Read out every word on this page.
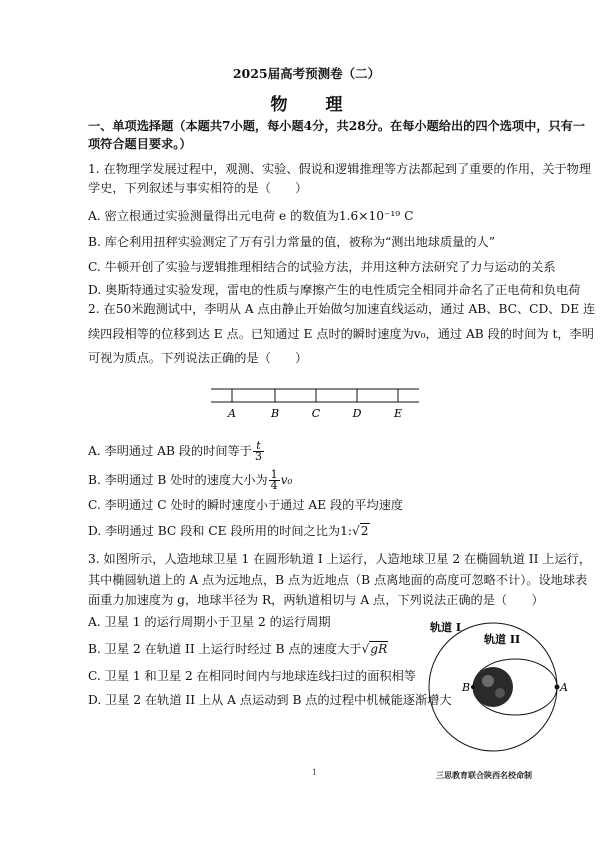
2025届高考预测卷（二）
物 理
一、单项选择题（本题共7小题，每小题4分，共28分。在每小题给出的四个选项中，只有一
项符合题目要求。）
1. 在物理学发展过程中，观测、实验、假说和逻辑推理等方法都起到了重要的作用，关于物理
学史，下列叙述与事实相符的是（　　）
A. 密立根通过实验测量得出元电荷 e 的数值为1.6×10⁻¹⁹ C
B. 库仑利用扭秤实验测定了万有引力常量的值，被称为“测出地球质量的人”
C. 牛顿开创了实验与逻辑推理相结合的试验方法，并用这种方法研究了力与运动的关系
D. 奥斯特通过实验发现，雷电的性质与摩擦产生的电性质完全相同并命名了正电荷和负电荷
2. 在50米跑测试中，李明从 A 点由静止开始做匀加速直线运动，通过 AB、BC、CD、DE 连
续四段相等的位移到达 E 点。已知通过 E 点时的瞬时速度为v₀，通过 AB 段的时间为 t，李明
可视为质点。下列说法正确的是（　　）
A	B	C	D	E
A. 李明通过 AB 段的时间等于 $\frac{t}{3}$
B. 李明通过 B 处时的速度大小为 $\frac{1}{4} v_0$
C. 李明通过 C 处时的瞬时速度小于通过 AE 段的平均速度
D. 李明通过 BC 段和 CE 段所用的时间之比为1:√2
3. 如图所示，人造地球卫星 1 在圆形轨道 I 上运行，人造地球卫星 2 在椭圆轨道 II 上运行，
其中椭圆轨道上的 A 点为远地点，B 点为近地点（B 点离地面的高度可忽略不计）。设地球表
面重力加速度为 g，地球半径为 R，两轨道相切与 A 点，下列说法正确的是（　　）
A. 卫星 1 的运行周期小于卫星 2 的运行周期
B. 卫星 2 在轨道 II 上运行时经过 B 点的速度大于√gR
C. 卫星 1 和卫星 2 在相同时间内与地球连线扫过的面积相等
D. 卫星 2 在轨道 II 上从 A 点运动到 B 点的过程中机械能逐渐增大
轨道 I
轨道 II
A
B
1	三思教育联合陕西名校命制
